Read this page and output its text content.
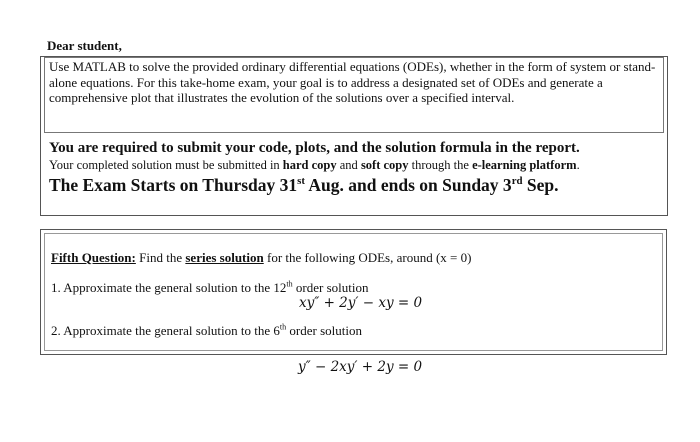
Dear student,
Use MATLAB to solve the provided ordinary differential equations (ODEs), whether in the form of system or stand-alone equations. For this take-home exam, your goal is to address a designated set of ODEs and generate a comprehensive plot that illustrates the evolution of the solutions over a specified interval.
You are required to submit your code, plots, and the solution formula in the report.
Your completed solution must be submitted in hard copy and soft copy through the e-learning platform.
The Exam Starts on Thursday 31st Aug. and ends on Sunday 3rd Sep.
Fifth Question: Find the series solution for the following ODEs, around (x = 0)
1. Approximate the general solution to the 12th order solution
xy″ + 2y′ − xy = 0
2. Approximate the general solution to the 6th order solution
y″ − 2xy′ + 2y = 0
